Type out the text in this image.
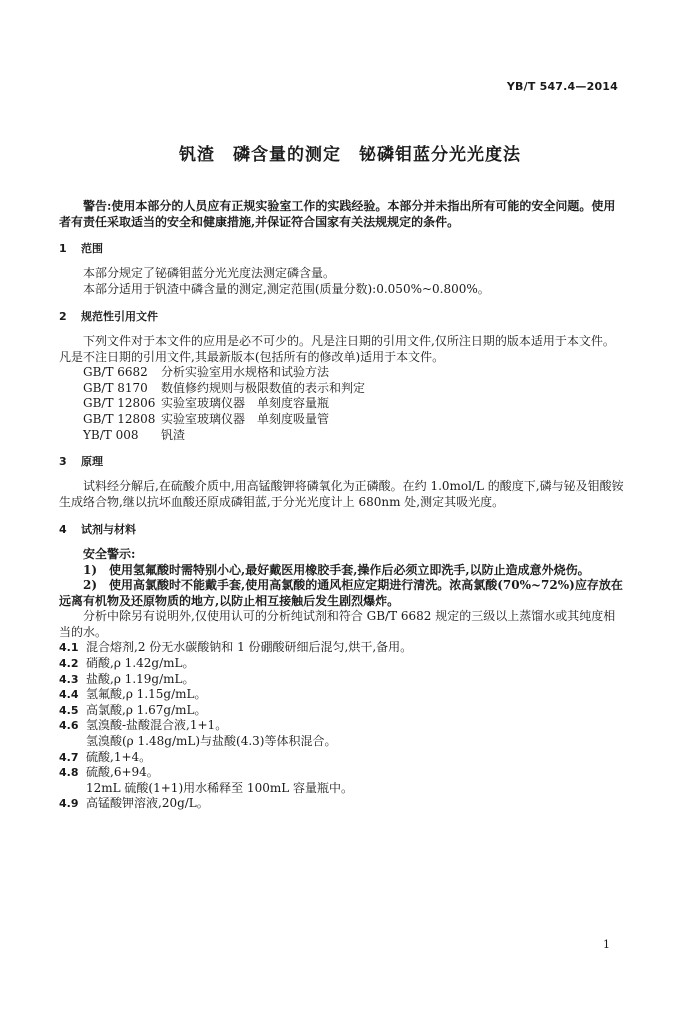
YB/T 547.4—2014
钒渣　磷含量的测定　铋磷钼蓝分光光度法

警告:使用本部分的人员应有正规实验室工作的实践经验。本部分并未指出所有可能的安全问题。使用者有责任采取适当的安全和健康措施,并保证符合国家有关法规规定的条件。

1 范围

本部分规定了铋磷钼蓝分光光度法测定磷含量。

本部分适用于钒渣中磷含量的测定,测定范围(质量分数):0.050%~0.800%。

2 规范性引用文件

下列文件对于本文件的应用是必不可少的。凡是注日期的引用文件,仅所注日期的版本适用于本文件。凡是不注日期的引用文件,其最新版本(包括所有的修改单)适用于本文件。

GB/T 6682 分析实验室用水规格和试验方法

GB/T 8170 数值修约规则与极限数值的表示和判定

GB/T 12806 实验室玻璃仪器　单刻度容量瓶

GB/T 12808 实验室玻璃仪器　单刻度吸量管

YB/T 008 钒渣

3 原理

试料经分解后,在硫酸介质中,用高锰酸钾将磷氧化为正磷酸。在约 1.0mol/L 的酸度下,磷与铋及钼酸铵生成络合物,继以抗坏血酸还原成磷钼蓝,于分光光度计上 680nm 处,测定其吸光度。

4 试剂与材料

安全警示:

1)　使用氢氟酸时需特别小心,最好戴医用橡胶手套,操作后必须立即洗手,以防止造成意外烧伤。

2)　使用高氯酸时不能戴手套,使用高氯酸的通风柜应定期进行清洗。浓高氯酸(70%~72%)应存放在远离有机物及还原物质的地方,以防止相互接触后发生剧烈爆炸。

分析中除另有说明外,仅使用认可的分析纯试剂和符合 GB/T 6682 规定的三级以上蒸馏水或其纯度相当的水。

4.1 混合熔剂,2 份无水碳酸钠和 1 份硼酸研细后混匀,烘干,备用。

4.2 硝酸,ρ 1.42g/mL。

4.3 盐酸,ρ 1.19g/mL。

4.4 氢氟酸,ρ 1.15g/mL。

4.5 高氯酸,ρ 1.67g/mL。

4.6 氢溴酸-盐酸混合液,1+1。

氢溴酸(ρ 1.48g/mL)与盐酸(4.3)等体积混合。

4.7 硫酸,1+4。

4.8 硫酸,6+94。

12mL 硫酸(1+1)用水稀释至 100mL 容量瓶中。

4.9 高锰酸钾溶液,20g/L。

1
